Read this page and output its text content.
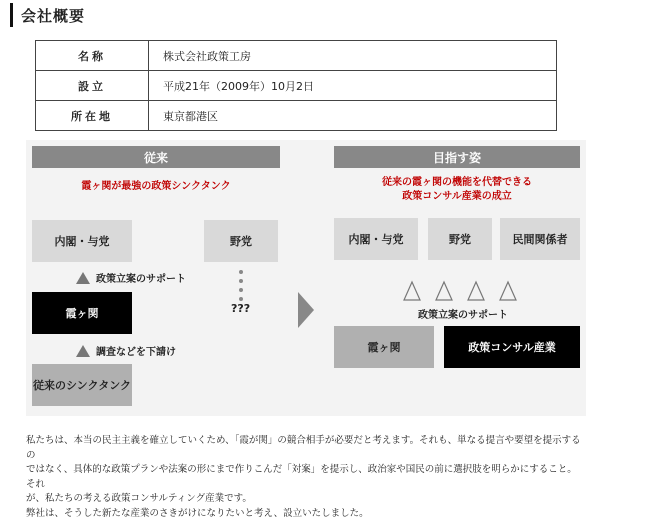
会社概要
名称	株式会社政策工房
設立	平成21年（2009年）10月2日
所在地	東京都港区
従来	目指す姿
霞ヶ関が最強の政策シンクタンク	従来の霞ヶ関の機能を代替できる
政策コンサル産業の成立
内閣・与党	野党
政策立案のサポート
???
霞ヶ関
調査などを下請け
従来のシンクタンク
内閣・与党	野党	民間関係者
政策立案のサポート
霞ヶ関	政策コンサル産業

私たちは、本当の民主主義を確立していくため、「霞が関」の競合相手が必要だと考えます。それも、単なる提言や要望を提示するの

ではなく、具体的な政策プランや法案の形にまで作りこんだ「対案」を提示し、政治家や国民の前に選択肢を明らかにすること。それ

が、私たちの考える政策コンサルティング産業です。

弊社は、そうした新たな産業のさきがけになりたいと考え、設立いたしました。
